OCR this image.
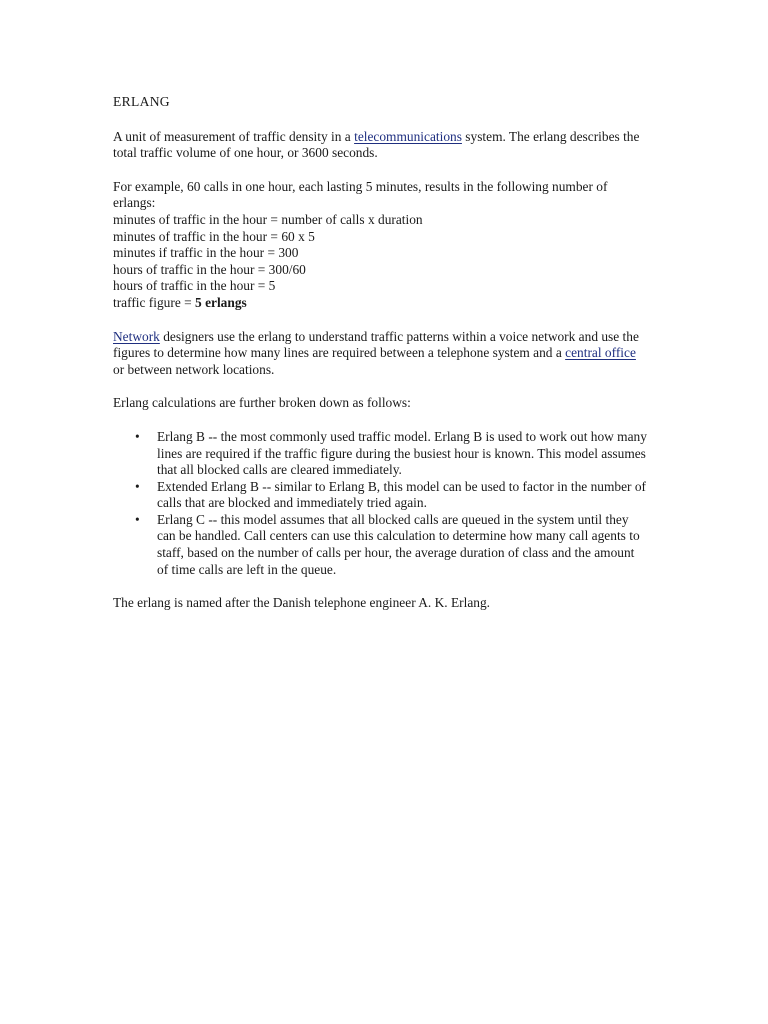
ERLANG

A unit of measurement of traffic density in a telecommunications system. The erlang describes the total traffic volume of one hour, or 3600 seconds.

For example, 60 calls in one hour, each lasting 5 minutes, results in the following number of erlangs:
minutes of traffic in the hour = number of calls x duration
minutes of traffic in the hour = 60 x 5
minutes if traffic in the hour = 300
hours of traffic in the hour = 300/60
hours of traffic in the hour = 5
traffic figure = 5 erlangs

Network designers use the erlang to understand traffic patterns within a voice network and use the figures to determine how many lines are required between a telephone system and a central office or between network locations.

Erlang calculations are further broken down as follows:

• Erlang B -- the most commonly used traffic model. Erlang B is used to work out how many lines are required if the traffic figure during the busiest hour is known. This model assumes that all blocked calls are cleared immediately.
• Extended Erlang B -- similar to Erlang B, this model can be used to factor in the number of calls that are blocked and immediately tried again.
• Erlang C -- this model assumes that all blocked calls are queued in the system until they can be handled. Call centers can use this calculation to determine how many call agents to staff, based on the number of calls per hour, the average duration of class and the amount of time calls are left in the queue.

The erlang is named after the Danish telephone engineer A. K. Erlang.
